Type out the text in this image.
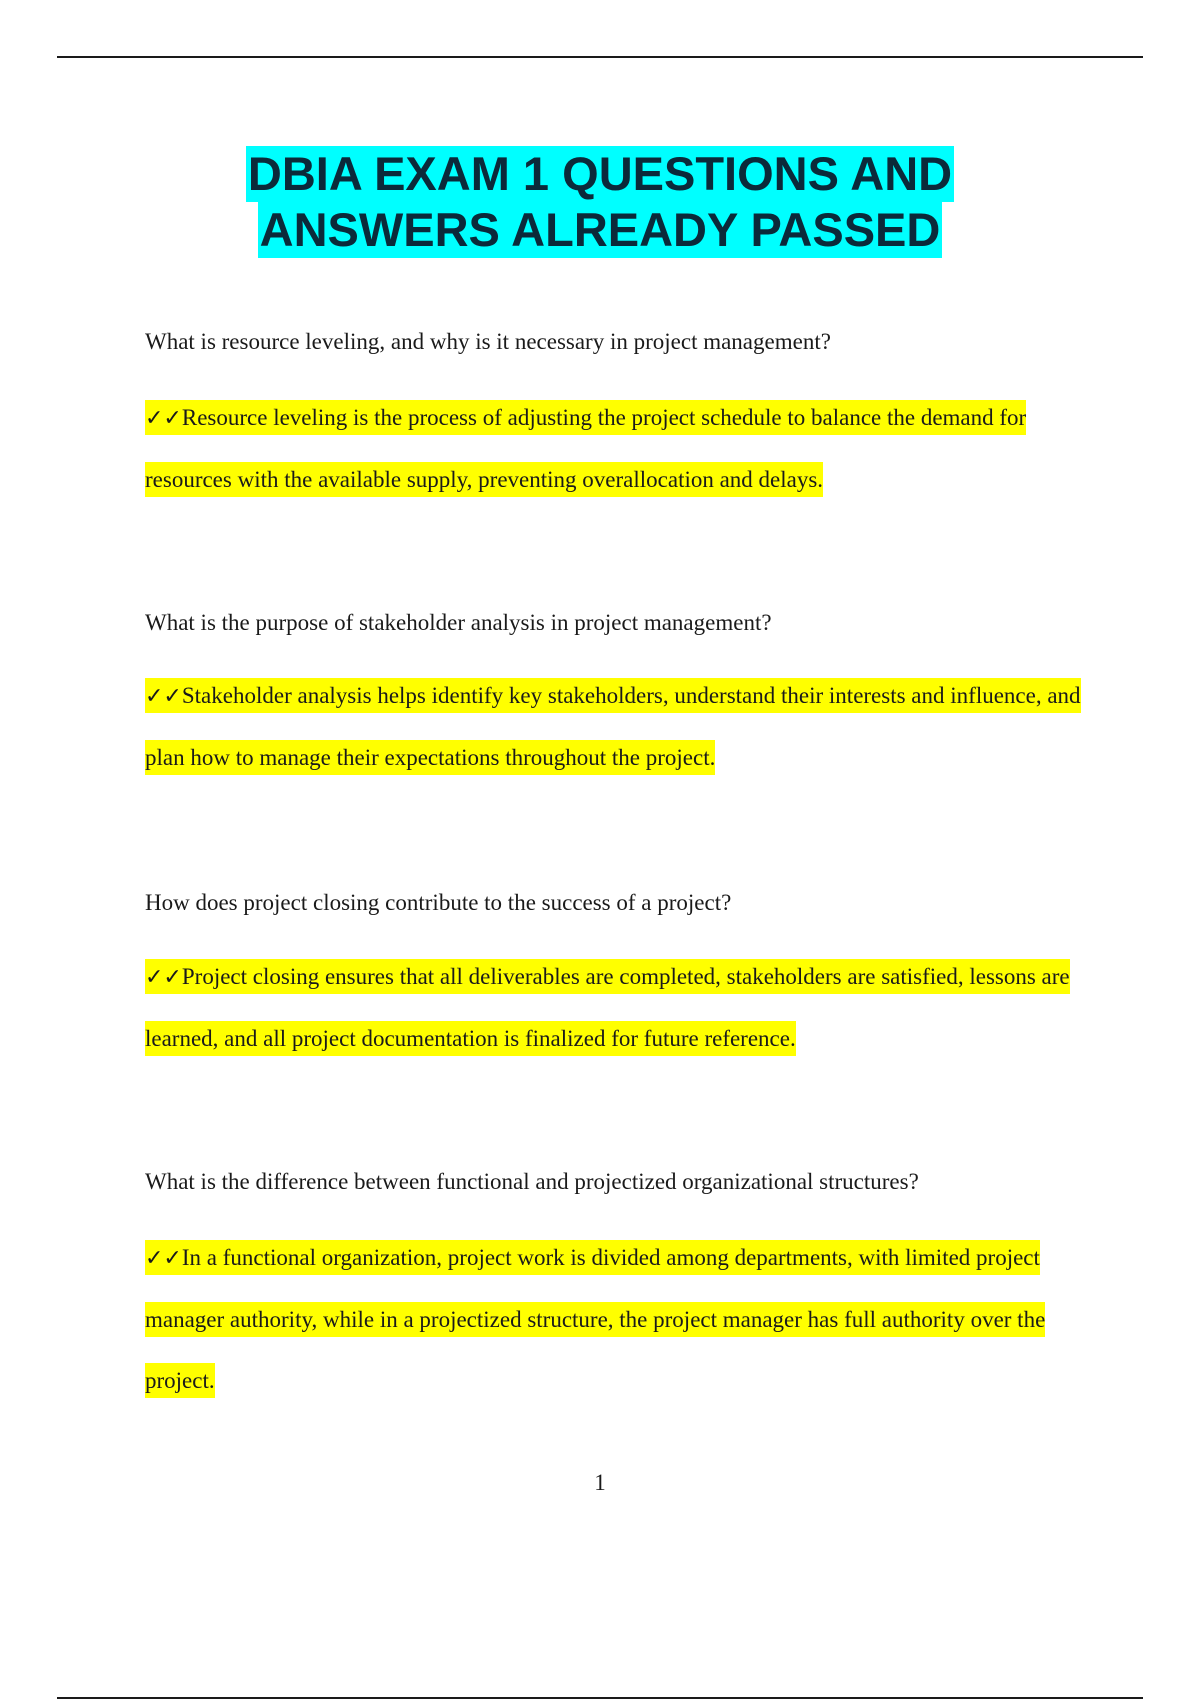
DBIA EXAM 1 QUESTIONS AND
ANSWERS ALREADY PASSED
What is resource leveling, and why is it necessary in project management?
✓✓Resource leveling is the process of adjusting the project schedule to balance the demand for resources with the available supply, preventing overallocation and delays.
What is the purpose of stakeholder analysis in project management?
✓✓Stakeholder analysis helps identify key stakeholders, understand their interests and influence, and plan how to manage their expectations throughout the project.
How does project closing contribute to the success of a project?
✓✓Project closing ensures that all deliverables are completed, stakeholders are satisfied, lessons are learned, and all project documentation is finalized for future reference.
What is the difference between functional and projectized organizational structures?
✓✓In a functional organization, project work is divided among departments, with limited project manager authority, while in a projectized structure, the project manager has full authority over the project.
1
